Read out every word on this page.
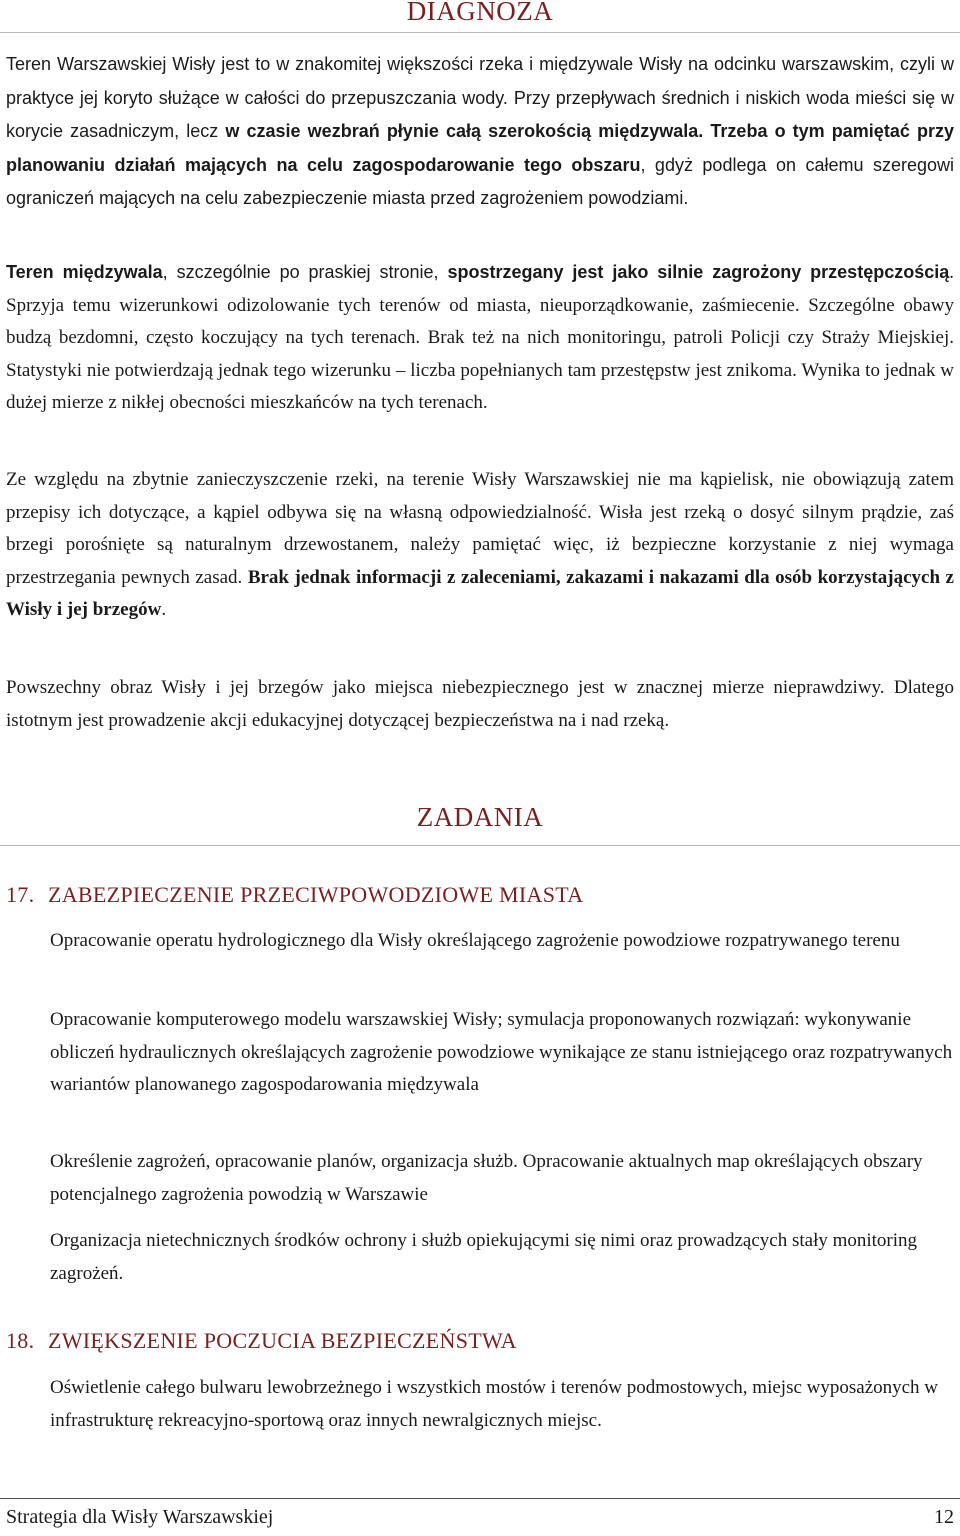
DIAGNOZA

Teren Warszawskiej Wisły jest to w znakomitej większości rzeka i międzywale Wisły na odcinku warszawskim, czyli w praktyce jej koryto służące w całości do przepuszczania wody. Przy przepływach średnich i niskich woda mieści się w korycie zasadniczym, lecz w czasie wezbrań płynie całą szerokością międzywala. Trzeba o tym pamiętać przy planowaniu działań mających na celu zagospodarowanie tego obszaru, gdyż podlega on całemu szeregowi ograniczeń mających na celu zabezpieczenie miasta przed zagrożeniem powodziami.

Teren międzywala, szczególnie po praskiej stronie, spostrzegany jest jako silnie zagrożony przestępczością. Sprzyja temu wizerunkowi odizolowanie tych terenów od miasta, nieuporządkowanie, zaśmiecenie. Szczególne obawy budzą bezdomni, często koczujący na tych terenach. Brak też na nich monitoringu, patroli Policji czy Straży Miejskiej. Statystyki nie potwierdzają jednak tego wizerunku – liczba popełnianych tam przestępstw jest znikoma. Wynika to jednak w dużej mierze z nikłej obecności mieszkańców na tych terenach.

Ze względu na zbytnie zanieczyszczenie rzeki, na terenie Wisły Warszawskiej nie ma kąpielisk, nie obowiązują zatem przepisy ich dotyczące, a kąpiel odbywa się na własną odpowiedzialność. Wisła jest rzeką o dosyć silnym prądzie, zaś brzegi porośnięte są naturalnym drzewostanem, należy pamiętać więc, iż bezpieczne korzystanie z niej wymaga przestrzegania pewnych zasad. Brak jednak informacji z zaleceniami, zakazami i nakazami dla osób korzystających z Wisły i jej brzegów.

Powszechny obraz Wisły i jej brzegów jako miejsca niebezpiecznego jest w znacznej mierze nieprawdziwy. Dlatego istotnym jest prowadzenie akcji edukacyjnej dotyczącej bezpieczeństwa na i nad rzeką.

ZADANIA
17. ZABEZPIECZENIE PRZECIWPOWODZIOWE MIASTA

Opracowanie operatu hydrologicznego dla Wisły określającego zagrożenie powodziowe rozpatrywanego terenu

Opracowanie komputerowego modelu warszawskiej Wisły; symulacja proponowanych rozwiązań: wykonywanie obliczeń hydraulicznych określających zagrożenie powodziowe wynikające ze stanu istniejącego oraz rozpatrywanych wariantów planowanego zagospodarowania międzywala

Określenie zagrożeń, opracowanie planów, organizacja służb. Opracowanie aktualnych map określających obszary potencjalnego zagrożenia powodzią w Warszawie

Organizacja nietechnicznych środków ochrony i służb opiekującymi się nimi oraz prowadzących stały monitoring zagrożeń.

18. ZWIĘKSZENIE POCZUCIA BEZPIECZEŃSTWA

Oświetlenie całego bulwaru lewobrzeżnego i wszystkich mostów i terenów podmostowych, miejsc wyposażonych w infrastrukturę rekreacyjno-sportową oraz innych newralgicznych miejsc.

Strategia dla Wisły Warszawskiej	12
